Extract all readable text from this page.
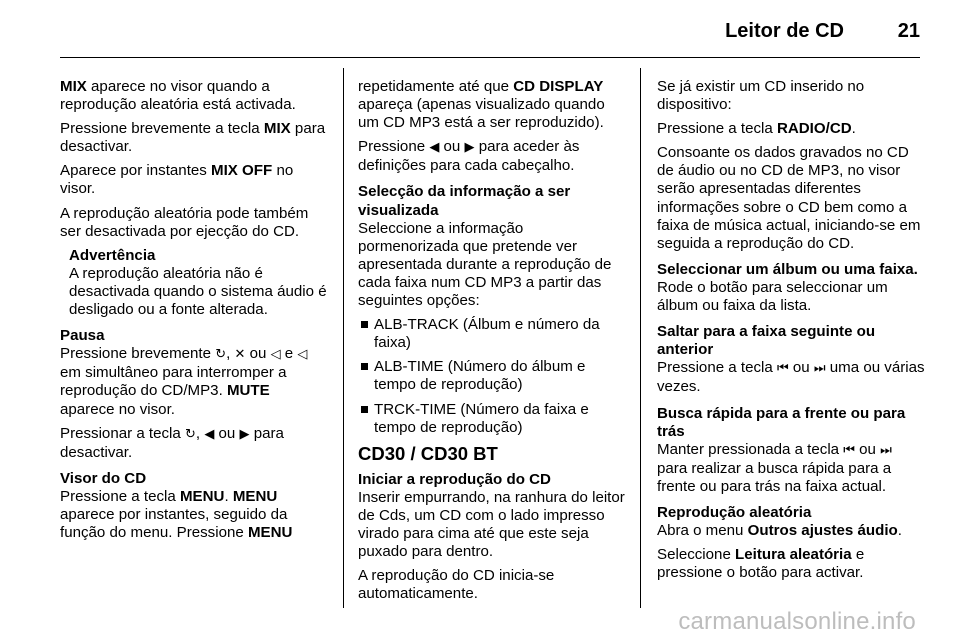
Leitor de CD	21

MIX aparece no visor quando a reprodução aleatória está activada.

Pressione brevemente a tecla MIX para desactivar.

Aparece por instantes MIX OFF no visor.

A reprodução aleatória pode também ser desactivada por ejecção do CD.

Advertência

A reprodução aleatória não é desactivada quando o sistema áudio é desligado ou a fonte alterada.

Pausa

Pressione brevemente ↻, ✕ ou ◁ e ◁ em simultâneo para interromper a reprodução do CD/MP3. MUTE aparece no visor.

Pressionar a tecla ↻, ◀ ou ▶ para desactivar.

Visor do CD

Pressione a tecla MENU. MENU aparece por instantes, seguido da função do menu. Pressione MENU

repetidamente até que CD DISPLAY apareça (apenas visualizado quando um CD MP3 está a ser reproduzido).

Pressione ◀ ou ▶ para aceder às definições para cada cabeçalho.

Selecção da informação a ser visualizada

Seleccione a informação pormenorizada que pretende ver apresentada durante a reprodução de cada faixa num CD MP3 a partir das seguintes opções:

ALB-TRACK (Álbum e número da faixa)
ALB-TIME (Número do álbum e tempo de reprodução)
TRCK-TIME (Número da faixa e tempo de reprodução)
CD30 / CD30 BT
Iniciar a reprodução do CD

Inserir empurrando, na ranhura do leitor de Cds, um CD com o lado impresso virado para cima até que este seja puxado para dentro.

A reprodução do CD inicia-se automaticamente.

Se já existir um CD inserido no dispositivo:

Pressione a tecla RADIO/CD.

Consoante os dados gravados no CD de áudio ou no CD de MP3, no visor serão apresentadas diferentes informações sobre o CD bem como a faixa de música actual, iniciando-se em seguida a reprodução do CD.

Seleccionar um álbum ou uma faixa.

Rode o botão para seleccionar um álbum ou faixa da lista.

Saltar para a faixa seguinte ou anterior

Pressione a tecla ⏮ ou ⏭ uma ou várias vezes.

Busca rápida para a frente ou para trás

Manter pressionada a tecla ⏮ ou ⏭ para realizar a busca rápida para a frente ou para trás na faixa actual.

Reprodução aleatória

Abra o menu Outros ajustes áudio.

Seleccione Leitura aleatória e pressione o botão para activar.

carmanualsonline.info
